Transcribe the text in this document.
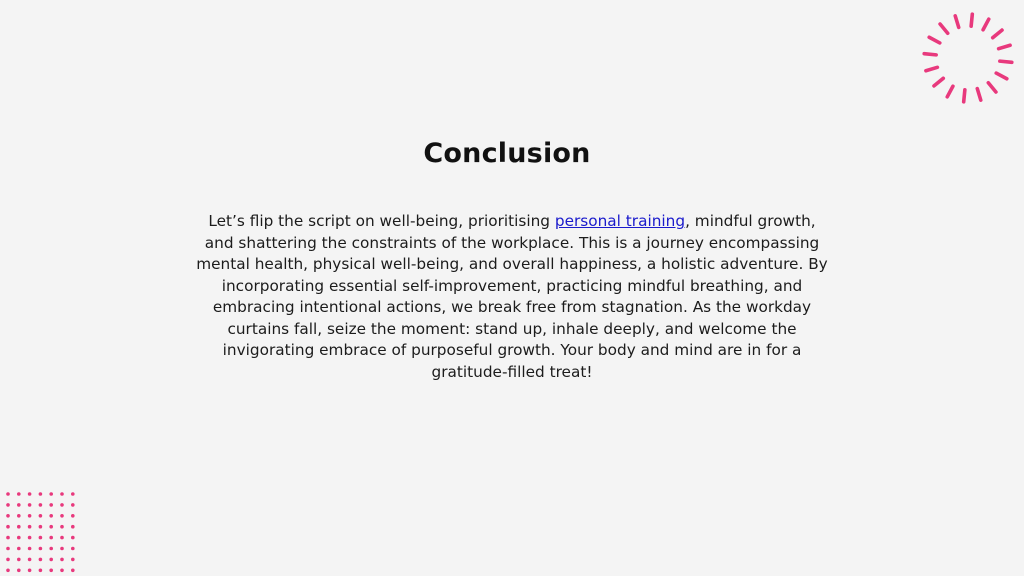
Conclusion
Let’s flip the script on well-being, prioritising personal training, mindful growth, and shattering the constraints of the workplace. This is a journey encompassing mental health, physical well-being, and overall happiness, a holistic adventure. By incorporating essential self-improvement, practicing mindful breathing, and embracing intentional actions, we break free from stagnation. As the workday curtains fall, seize the moment: stand up, inhale deeply, and welcome the invigorating embrace of purposeful growth. Your body and mind are in for a gratitude-filled treat!
